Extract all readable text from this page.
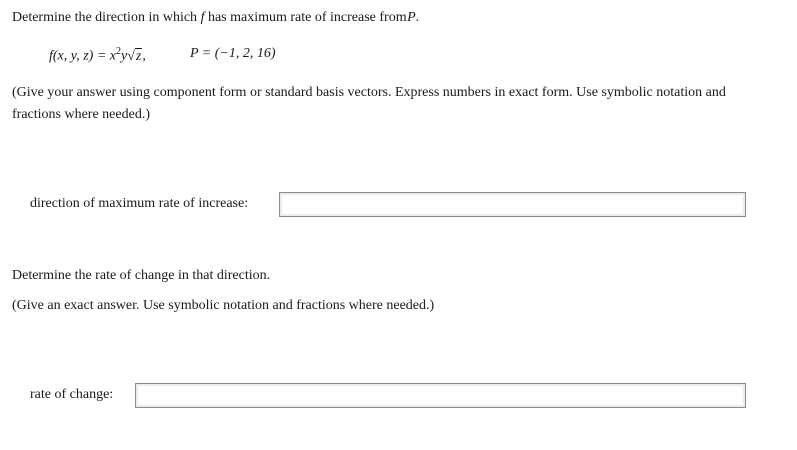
Determine the direction in which f has maximum rate of increase from P.
f(x, y, $z) = x^2y√z$,	P = (−1, 2, 16)
(Give your answer using component form or standard basis vectors. Express numbers in exact form. Use symbolic notation and
fractions where needed.)
direction of maximum rate of increase:
Determine the rate of change in that direction.
(Give an exact answer. Use symbolic notation and fractions where needed.)
rate of change:
